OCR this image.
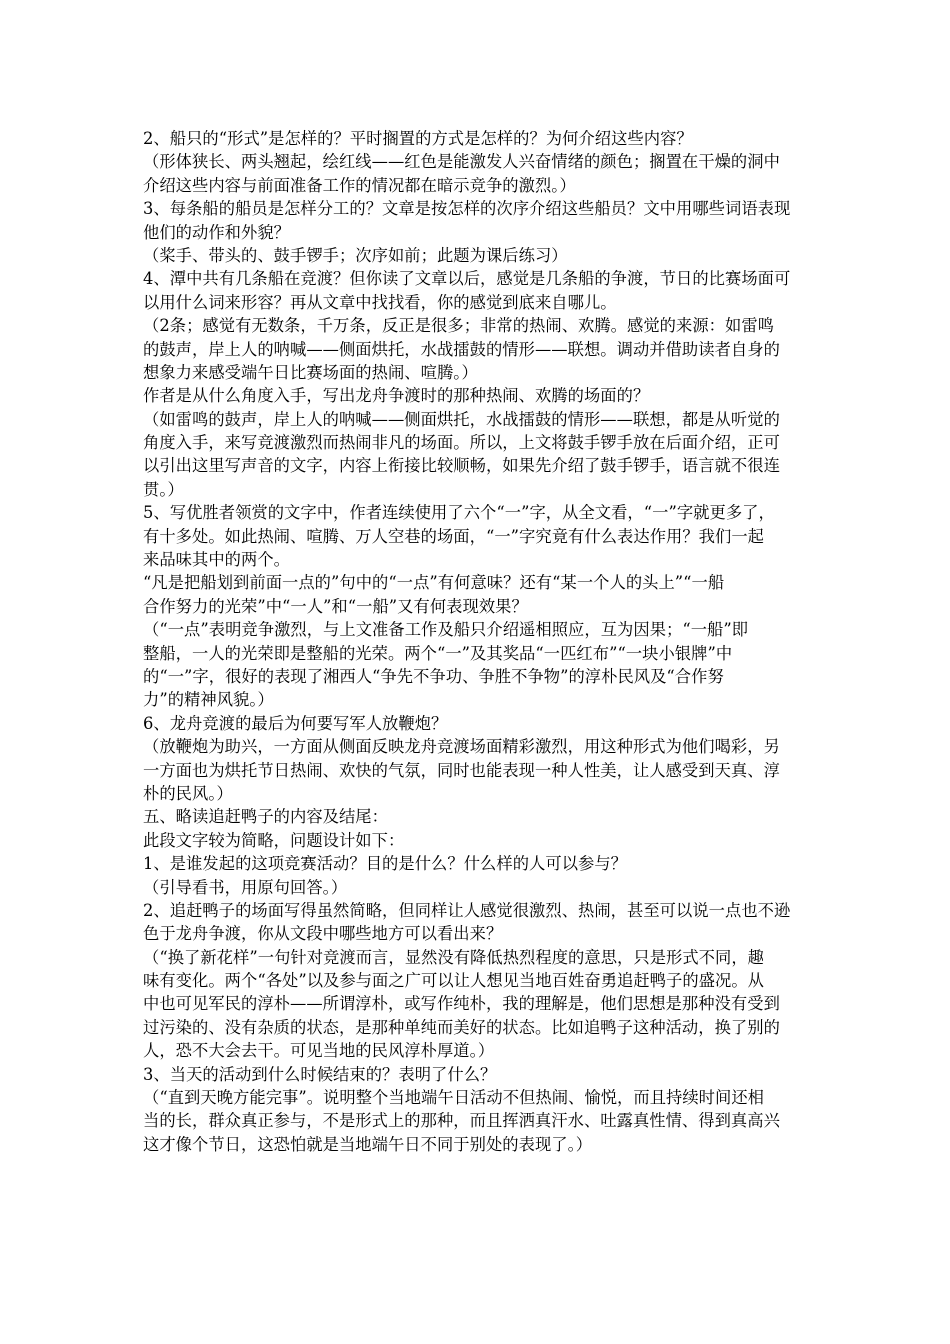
2、船只的“形式”是怎样的？平时搁置的方式是怎样的？为何介绍这些内容？
（形体狭长、两头翘起，绘红线——红色是能激发人兴奋情绪的颜色；搁置在干燥的洞中
介绍这些内容与前面准备工作的情况都在暗示竞争的激烈。）
3、每条船的船员是怎样分工的？文章是按怎样的次序介绍这些船员？文中用哪些词语表现
他们的动作和外貌？
（桨手、带头的、鼓手锣手；次序如前；此题为课后练习）
4、潭中共有几条船在竞渡？但你读了文章以后，感觉是几条船的争渡，节日的比赛场面可
以用什么词来形容？再从文章中找找看，你的感觉到底来自哪儿。
（2条；感觉有无数条，千万条，反正是很多；非常的热闹、欢腾。感觉的来源：如雷鸣
的鼓声，岸上人的呐喊——侧面烘托，水战擂鼓的情形——联想。调动并借助读者自身的
想象力来感受端午日比赛场面的热闹、喧腾。）
作者是从什么角度入手，写出龙舟争渡时的那种热闹、欢腾的场面的？
（如雷鸣的鼓声，岸上人的呐喊——侧面烘托，水战擂鼓的情形——联想，都是从听觉的
角度入手，来写竞渡激烈而热闹非凡的场面。所以，上文将鼓手锣手放在后面介绍，正可
以引出这里写声音的文字，内容上衔接比较顺畅，如果先介绍了鼓手锣手，语言就不很连
贯。）
5、写优胜者领赏的文字中，作者连续使用了六个“一”字，从全文看，“一”字就更多了，
有十多处。如此热闹、喧腾、万人空巷的场面，“一”字究竟有什么表达作用？我们一起
来品味其中的两个。
“凡是把船划到前面一点的”句中的“一点”有何意味？还有“某一个人的头上”“一船
合作努力的光荣”中“一人”和“一船”又有何表现效果？
（“一点”表明竞争激烈，与上文准备工作及船只介绍遥相照应，互为因果；“一船”即
整船，一人的光荣即是整船的光荣。两个“一”及其奖品“一匹红布”“一块小银牌”中
的“一”字，很好的表现了湘西人“争先不争功、争胜不争物”的淳朴民风及“合作努
力”的精神风貌。）
6、龙舟竞渡的最后为何要写军人放鞭炮？
（放鞭炮为助兴，一方面从侧面反映龙舟竞渡场面精彩激烈，用这种形式为他们喝彩，另
一方面也为烘托节日热闹、欢快的气氛，同时也能表现一种人性美，让人感受到天真、淳
朴的民风。）
五、略读追赶鸭子的内容及结尾：
此段文字较为简略，问题设计如下：
1、是谁发起的这项竞赛活动？目的是什么？什么样的人可以参与？
（引导看书，用原句回答。）
2、追赶鸭子的场面写得虽然简略，但同样让人感觉很激烈、热闹，甚至可以说一点也不逊
色于龙舟争渡，你从文段中哪些地方可以看出来？
（“换了新花样”一句针对竞渡而言，显然没有降低热烈程度的意思，只是形式不同，趣
味有变化。两个“各处”以及参与面之广可以让人想见当地百姓奋勇追赶鸭子的盛况。从
中也可见军民的淳朴——所谓淳朴，或写作纯朴，我的理解是，他们思想是那种没有受到
过污染的、没有杂质的状态，是那种单纯而美好的状态。比如追鸭子这种活动，换了别的
人，恐不大会去干。可见当地的民风淳朴厚道。）
3、当天的活动到什么时候结束的？表明了什么？
（“直到天晚方能完事”。说明整个当地端午日活动不但热闹、愉悦，而且持续时间还相
当的长，群众真正参与，不是形式上的那种，而且挥洒真汗水、吐露真性情、得到真高兴
这才像个节日，这恐怕就是当地端午日不同于别处的表现了。）
